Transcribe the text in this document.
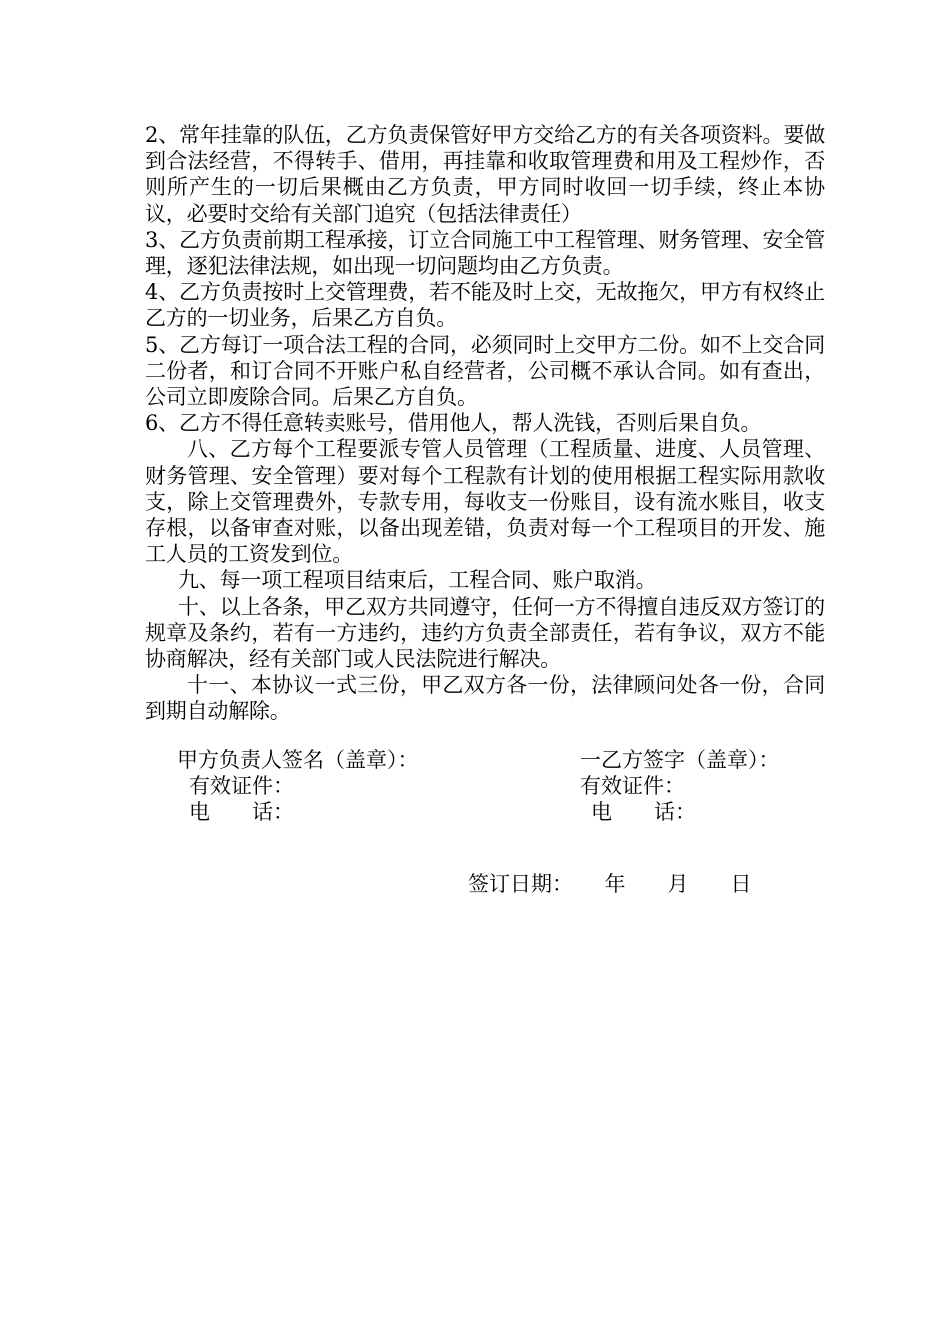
2、常年挂靠的队伍，乙方负责保管好甲方交给乙方的有关各项资料。要做到合法经营，不得转手、借用，再挂靠和收取管理费和用及工程炒作，否则所产生的一切后果概由乙方负责，甲方同时收回一切手续，终止本协议，必要时交给有关部门追究（包括法律责任）

3、乙方负责前期工程承接，订立合同施工中工程管理、财务管理、安全管理，逐犯法律法规，如出现一切问题均由乙方负责。

4、乙方负责按时上交管理费，若不能及时上交，无故拖欠，甲方有权终止乙方的一切业务，后果乙方自负。

5、乙方每订一项合法工程的合同，必须同时上交甲方二份。如不上交合同二份者，和订合同不开账户私自经营者，公司概不承认合同。如有查出，公司立即废除合同。后果乙方自负。

6、乙方不得任意转卖账号，借用他人，帮人洗钱，否则后果自负。

八、乙方每个工程要派专管人员管理（工程质量、进度、人员管理、财务管理、安全管理）要对每个工程款有计划的使用根据工程实际用款收支，除上交管理费外，专款专用，每收支一份账目，设有流水账目，收支存根，以备审查对账，以备出现差错，负责对每一个工程项目的开发、施工人员的工资发到位。

九、每一项工程项目结束后，工程合同、账户取消。

十、以上各条，甲乙双方共同遵守，任何一方不得擅自违反双方签订的规章及条约，若有一方违约，违约方负责全部责任，若有争议，双方不能协商解决，经有关部门或人民法院进行解决。

十一、本协议一式三份，甲乙双方各一份，法律顾问处各一份，合同到期自动解除。

甲方负责人签名（盖章）：
有效证件：
电　　话：
一乙方签字（盖章）：
有效证件：
电　　话：
签订日期：　　年　　月　　日
